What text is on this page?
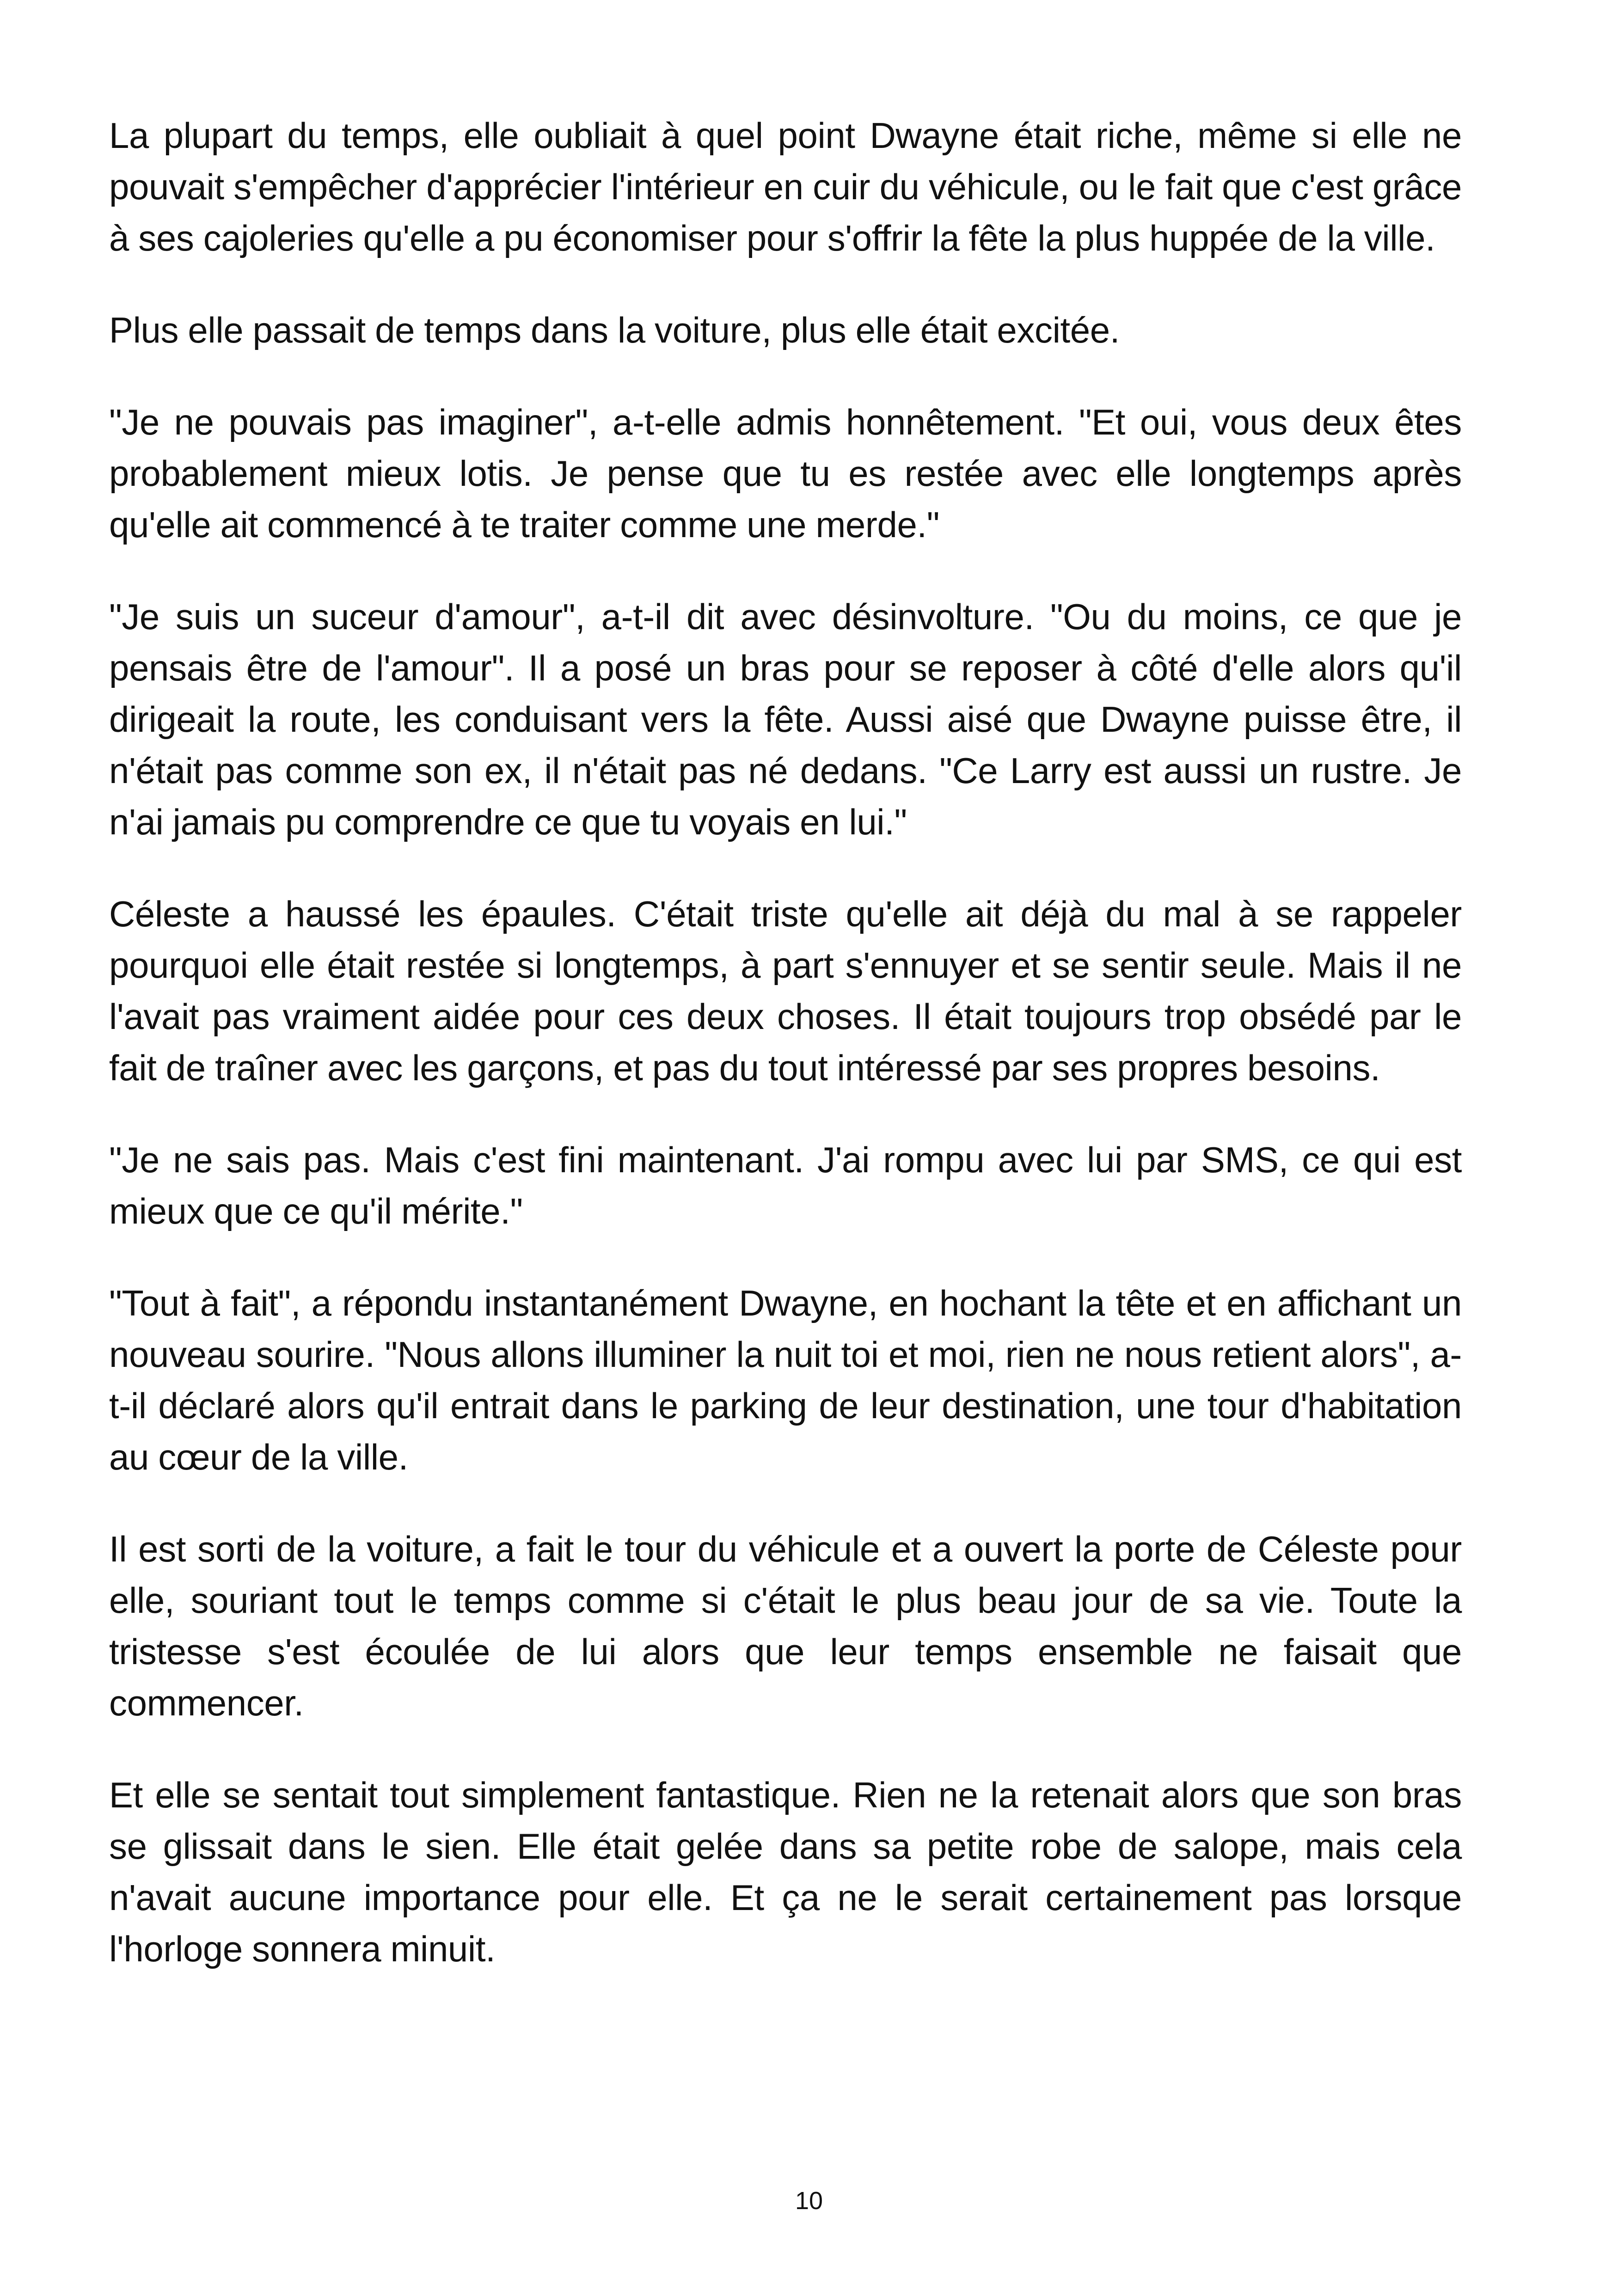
La plupart du temps, elle oubliait à quel point Dwayne était riche, même si elle ne pouvait s'empêcher d'apprécier l'intérieur en cuir du véhicule, ou le fait que c'est grâce à ses cajoleries qu'elle a pu économiser pour s'offrir la fête la plus huppée de la ville.

Plus elle passait de temps dans la voiture, plus elle était excitée.

"Je ne pouvais pas imaginer", a-t-elle admis honnêtement. "Et oui, vous deux êtes probablement mieux lotis. Je pense que tu es restée avec elle longtemps après qu'elle ait commencé à te traiter comme une merde."

"Je suis un suceur d'amour", a-t-il dit avec désinvolture. "Ou du moins, ce que je pensais être de l'amour". Il a posé un bras pour se reposer à côté d'elle alors qu'il dirigeait la route, les conduisant vers la fête. Aussi aisé que Dwayne puisse être, il n'était pas comme son ex, il n'était pas né dedans. "Ce Larry est aussi un rustre. Je n'ai jamais pu comprendre ce que tu voyais en lui."

Céleste a haussé les épaules. C'était triste qu'elle ait déjà du mal à se rappeler pourquoi elle était restée si longtemps, à part s'ennuyer et se sentir seule. Mais il ne l'avait pas vraiment aidée pour ces deux choses. Il était toujours trop obsédé par le fait de traîner avec les garçons, et pas du tout intéressé par ses propres besoins.

"Je ne sais pas. Mais c'est fini maintenant. J'ai rompu avec lui par SMS, ce qui est mieux que ce qu'il mérite."

"Tout à fait", a répondu instantanément Dwayne, en hochant la tête et en affichant un nouveau sourire. "Nous allons illuminer la nuit toi et moi, rien ne nous retient alors", a-t-il déclaré alors qu'il entrait dans le parking de leur destination, une tour d'habitation au cœur de la ville.

Il est sorti de la voiture, a fait le tour du véhicule et a ouvert la porte de Céleste pour elle, souriant tout le temps comme si c'était le plus beau jour de sa vie. Toute la tristesse s'est écoulée de lui alors que leur temps ensemble ne faisait que commencer.

Et elle se sentait tout simplement fantastique. Rien ne la retenait alors que son bras se glissait dans le sien. Elle était gelée dans sa petite robe de salope, mais cela n'avait aucune importance pour elle. Et ça ne le serait certainement pas lorsque l'horloge sonnera minuit.

10
